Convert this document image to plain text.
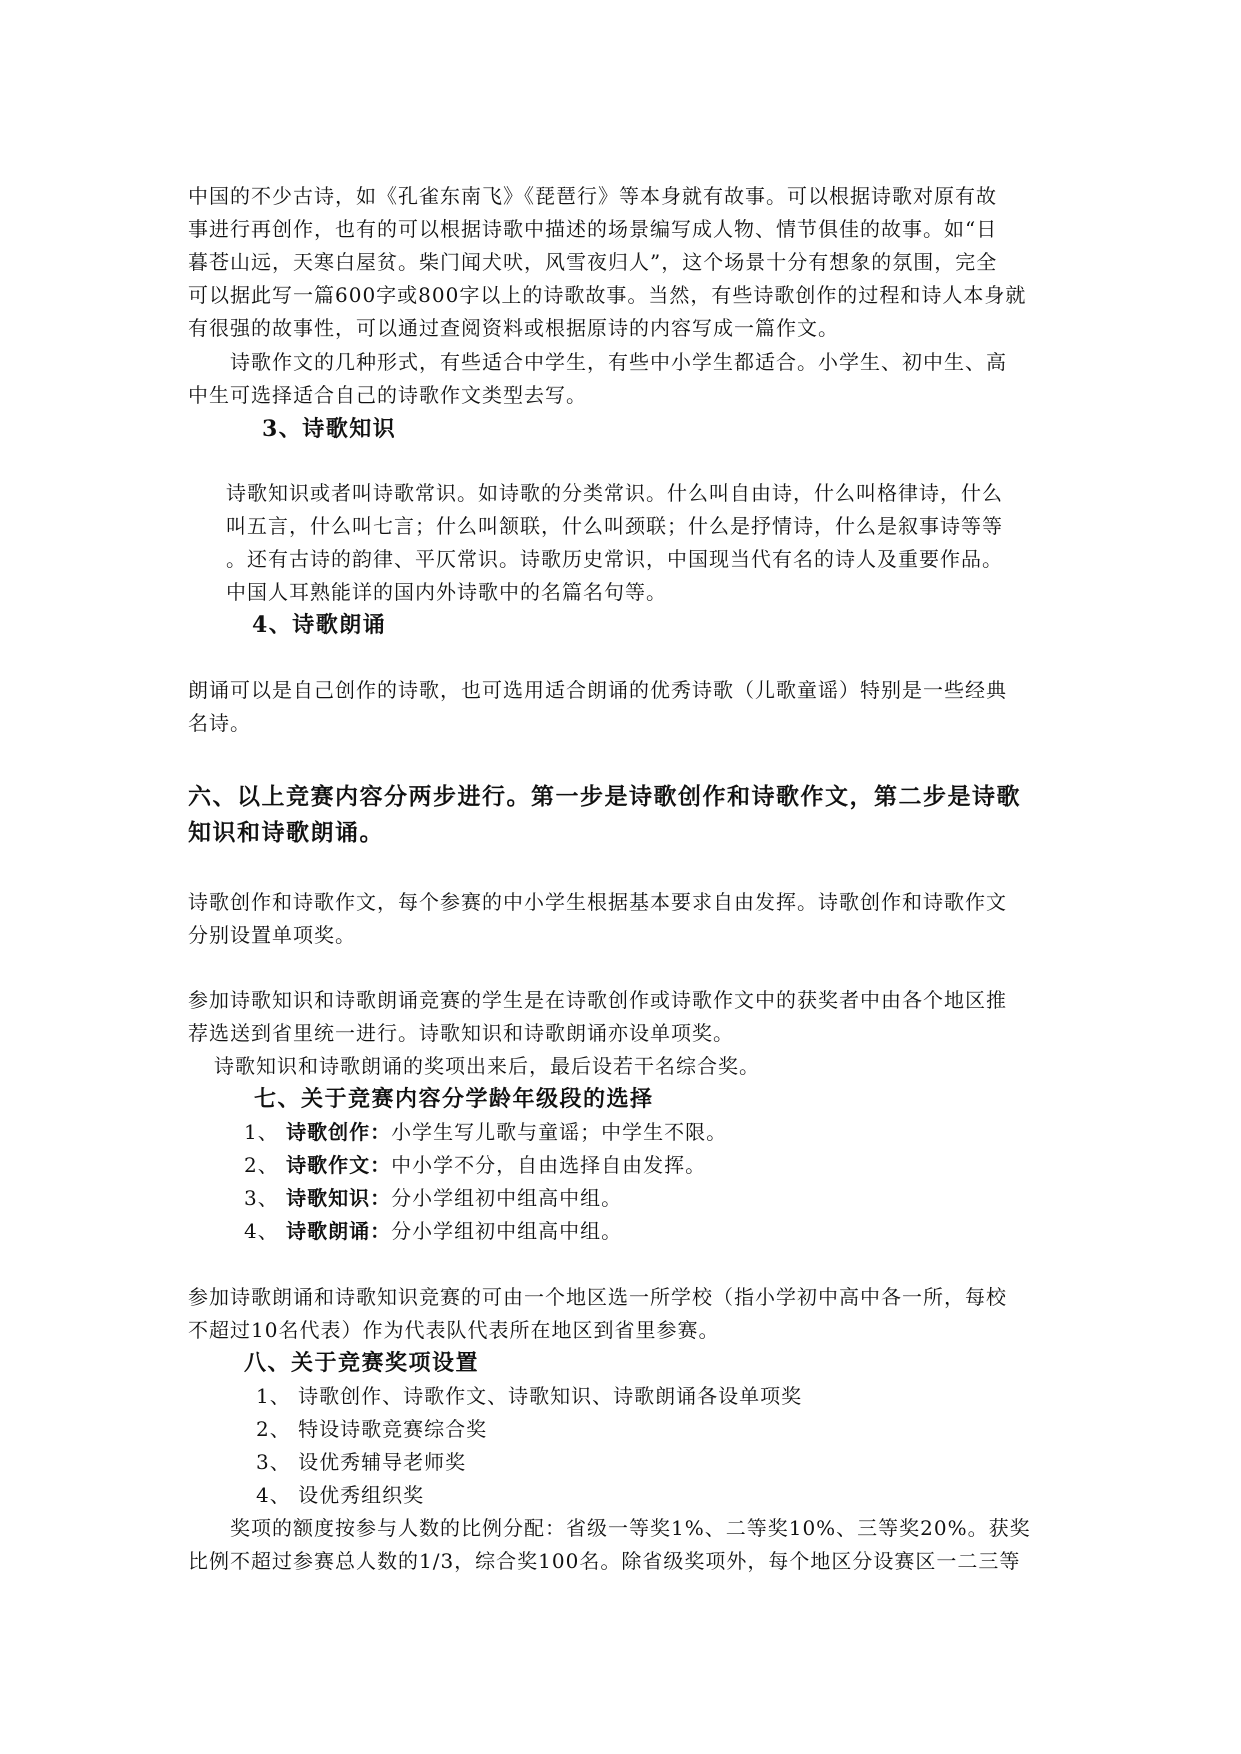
中国的不少古诗，如《孔雀东南飞》《琵琶行》等本身就有故事。可以根据诗歌对原有故
事进行再创作，也有的可以根据诗歌中描述的场景编写成人物、情节俱佳的故事。如“日
暮苍山远，天寒白屋贫。柴门闻犬吠，风雪夜归人”，这个场景十分有想象的氛围，完全
可以据此写一篇600字或800字以上的诗歌故事。当然，有些诗歌创作的过程和诗人本身就
有很强的故事性，可以通过查阅资料或根据原诗的内容写成一篇作文。
诗歌作文的几种形式，有些适合中学生，有些中小学生都适合。小学生、初中生、高
中生可选择适合自己的诗歌作文类型去写。
3、诗歌知识
诗歌知识或者叫诗歌常识。如诗歌的分类常识。什么叫自由诗，什么叫格律诗，什么
叫五言，什么叫七言；什么叫颔联，什么叫颈联；什么是抒情诗，什么是叙事诗等等
。还有古诗的韵律、平仄常识。诗歌历史常识，中国现当代有名的诗人及重要作品。
中国人耳熟能详的国内外诗歌中的名篇名句等。
4、诗歌朗诵
朗诵可以是自己创作的诗歌，也可选用适合朗诵的优秀诗歌（儿歌童谣）特别是一些经典
名诗。
六、以上竞赛内容分两步进行。第一步是诗歌创作和诗歌作文，第二步是诗歌
知识和诗歌朗诵。
诗歌创作和诗歌作文，每个参赛的中小学生根据基本要求自由发挥。诗歌创作和诗歌作文
分别设置单项奖。
参加诗歌知识和诗歌朗诵竞赛的学生是在诗歌创作或诗歌作文中的获奖者中由各个地区推
荐选送到省里统一进行。诗歌知识和诗歌朗诵亦设单项奖。
诗歌知识和诗歌朗诵的奖项出来后，最后设若干名综合奖。
七、关于竞赛内容分学龄年级段的选择
1、 诗歌创作：小学生写儿歌与童谣；中学生不限。
2、 诗歌作文：中小学不分，自由选择自由发挥。
3、 诗歌知识：分小学组初中组高中组。
4、 诗歌朗诵：分小学组初中组高中组。
参加诗歌朗诵和诗歌知识竞赛的可由一个地区选一所学校（指小学初中高中各一所，每校
不超过10名代表）作为代表队代表所在地区到省里参赛。
八、关于竞赛奖项设置
1、 诗歌创作、诗歌作文、诗歌知识、诗歌朗诵各设单项奖
2、 特设诗歌竞赛综合奖
3、 设优秀辅导老师奖
4、 设优秀组织奖
奖项的额度按参与人数的比例分配：省级一等奖1%、二等奖10%、三等奖20%。获奖
比例不超过参赛总人数的1/3，综合奖100名。除省级奖项外，每个地区分设赛区一二三等
